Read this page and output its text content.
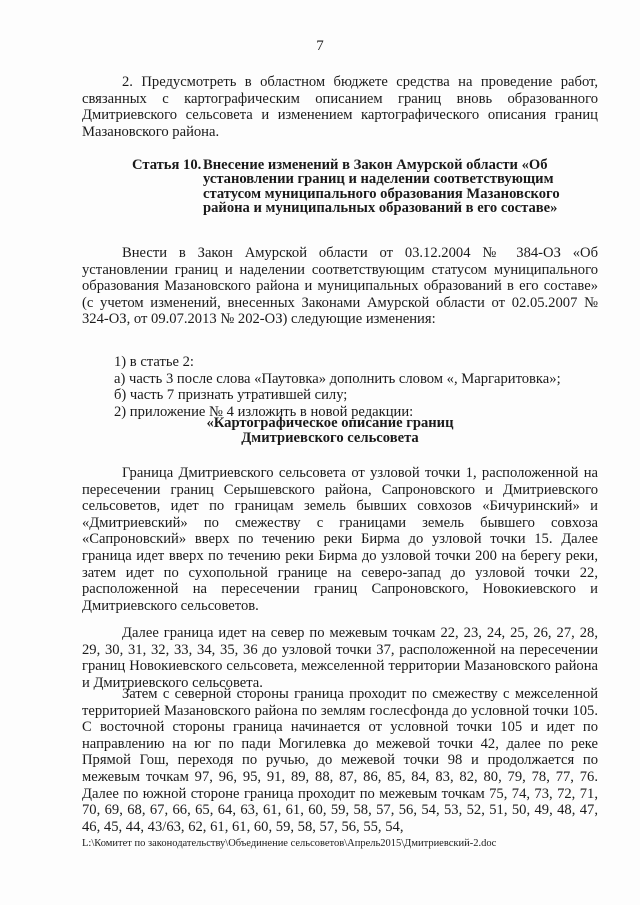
7

2. Предусмотреть в областном бюджете средства на проведение работ, связанных с картографическим описанием границ вновь образованного Дмитриевского сельсовета и изменением картографического описания границ Мазановского района.

Статья 10. Внесение изменений в Закон Амурской области «Об установлении границ и наделении соответствующим статусом муниципального образования Мазановского района и муниципальных образований в его составе»

Внести в Закон Амурской области от 03.12.2004 № 384-ОЗ «Об установлении границ и наделении соответствующим статусом муниципального образования Мазановского района и муниципальных образований в его составе» (с учетом изменений, внесенных Законами Амурской области от 02.05.2007 № 324-ОЗ, от 09.07.2013 № 202-ОЗ) следующие изменения:

1) в статье 2:
а) часть 3 после слова «Паутовка» дополнить словом «, Маргаритовка»;
б) часть 7 признать утратившей силу;
2) приложение № 4 изложить в новой редакции:
«Картографическое описание границ
Дмитриевского сельсовета

Граница Дмитриевского сельсовета от узловой точки 1, расположенной на пересечении границ Серышевского района, Сапроновского и Дмитриевского сельсоветов, идет по границам земель бывших совхозов «Бичуринский» и «Дмитриевский» по смежеству с границами земель бывшего совхоза «Сапроновский» вверх по течению реки Бирма до узловой точки 15. Далее граница идет вверх по течению реки Бирма до узловой точки 200 на берегу реки, затем идет по сухопольной границе на северо-запад до узловой точки 22, расположенной на пересечении границ Сапроновского, Новокиевского и Дмитриевского сельсоветов.

Далее граница идет на север по межевым точкам 22, 23, 24, 25, 26, 27, 28, 29, 30, 31, 32, 33, 34, 35, 36 до узловой точки 37, расположенной на пересечении границ Новокиевского сельсовета, межселенной территории Мазановского района и Дмитриевского сельсовета.

Затем с северной стороны граница проходит по смежеству с межселенной территорией Мазановского района по землям гослесфонда до условной точки 105. С восточной стороны граница начинается от условной точки 105 и идет по направлению на юг по пади Могилевка до межевой точки 42, далее по реке Прямой Гош, переходя по ручью, до межевой точки 98 и продолжается по межевым точкам 97, 96, 95, 91, 89, 88, 87, 86, 85, 84, 83, 82, 80, 79, 78, 77, 76. Далее по южной стороне граница проходит по межевым точкам 75, 74, 73, 72, 71, 70, 69, 68, 67, 66, 65, 64, 63, 61, 61, 60, 59, 58, 57, 56, 54, 53, 52, 51, 50, 49, 48, 47, 46, 45, 44, 43/63, 62, 61, 61, 60, 59, 58, 57, 56, 55, 54,

L:\Комитет по законодательству\Объединение сельсоветов\Апрель2015\Дмитриевский-2.doc
